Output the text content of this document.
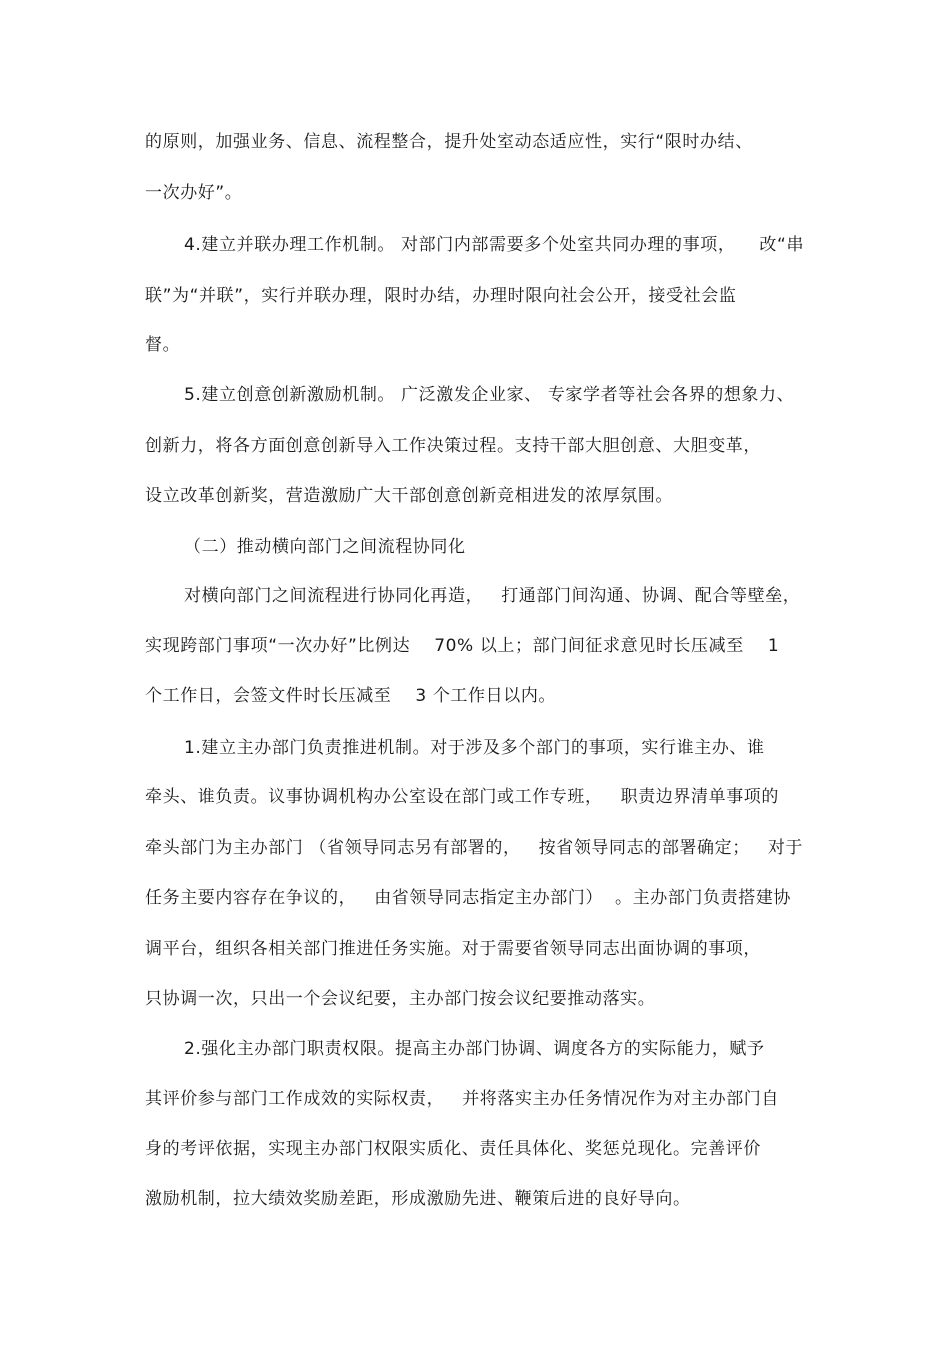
的原则，加强业务、信息、流程整合，提升处室动态适应性，实行“限时办结、
一次办好”。
4.建立并联办理工作机制。 对部门内部需要多个处室共同办理的事项，    改“串
联”为“并联”，实行并联办理，限时办结，办理时限向社会公开，接受社会监
督。
5.建立创意创新激励机制。 广泛激发企业家、 专家学者等社会各界的想象力、
创新力，将各方面创意创新导入工作决策过程。支持干部大胆创意、大胆变革，
设立改革创新奖，营造激励广大干部创意创新竞相进发的浓厚氛围。
（二）推动横向部门之间流程协同化
对横向部门之间流程进行协同化再造，   打通部门间沟通、协调、配合等壁垒，
实现跨部门事项“一次办好”比例达    70% 以上；部门间征求意见时长压减至    1
个工作日，会签文件时长压减至    3 个工作日以内。
1.建立主办部门负责推进机制。对于涉及多个部门的事项，实行谁主办、谁
牵头、谁负责。议事协调机构办公室设在部门或工作专班，   职责边界清单事项的
牵头部门为主办部门 （省领导同志另有部署的，   按省领导同志的部署确定；   对于
任务主要内容存在争议的，   由省领导同志指定主办部门）  。主办部门负责搭建协
调平台，组织各相关部门推进任务实施。对于需要省领导同志出面协调的事项，
只协调一次，只出一个会议纪要，主办部门按会议纪要推动落实。
2.强化主办部门职责权限。提高主办部门协调、调度各方的实际能力，赋予
其评价参与部门工作成效的实际权责，   并将落实主办任务情况作为对主办部门自
身的考评依据，实现主办部门权限实质化、责任具体化、奖惩兑现化。完善评价
激励机制，拉大绩效奖励差距，形成激励先进、鞭策后进的良好导向。
